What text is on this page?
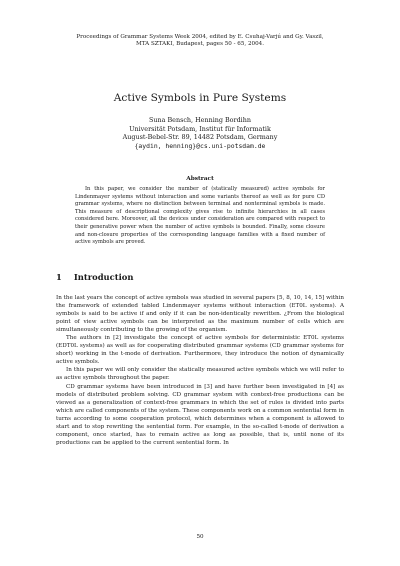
Proceedings of Grammar Systems Week 2004, edited by E. Csuhaj-Varjú and Gy. Vaszil,
MTA SZTAKI, Budapest, pages 50 - 65, 2004.
Active Symbols in Pure Systems
Suna Bensch, Henning Bordihn
Universität Potsdam, Institut für Informatik
August-Bebel-Str. 89, 14482 Potsdam, Germany
{aydin, henning}@cs.uni-potsdam.de
Abstract

In this paper, we consider the number of (statically measured) active symbols for Lindenmayer systems without interaction and some variants thereof as well as for pure CD grammar systems, where no distinction between terminal and nonterminal symbols is made. This measure of descriptional complexity gives rise to infinite hierarchies in all cases considered here. Moreover, all the devices under consideration are compared with respect to their generative power when the number of active symbols is bounded. Finally, some closure and non-closure properties of the corresponding language families with a fixed number of active symbols are proved.

1 Introduction

In the last years the concept of active symbols was studied in several papers [5, 8, 10, 14, 15] within the framework of extended tabled Lindenmayer systems without interaction (ET0L systems). A symbols is said to be active if and only if it can be non-identically rewritten. ¿From the biological point of view active symbols can be interpreted as the maximum number of cells which are simultaneously contributing to the growing of the organism.

The authors in [2] investigate the concept of active symbols for deterministic ET0L systems (EDT0L systems) as well as for cooperating distributed grammar systems (CD grammar systems for short) working in the t-mode of derivation. Furthermore, they introduce the notion of dynamically active symbols.

In this paper we will only consider the statically measured active symbols which we will refer to as active symbols throughout the paper.

CD grammar systems have been introduced in [3] and have further been investigated in [4] as models of distributed problem solving. CD grammar system with context-free productions can be viewed as a generalization of context-free grammars in which the set of rules is divided into parts which are called components of the system. These components work on a common sentential form in turns according to some cooperation protocol, which determines when a component is allowed to start and to stop rewriting the sentential form. For example, in the so-called t-mode of derivation a component, once started, has to remain active as long as possible, that is, until none of its productions can be applied to the current sentential form. In

50
